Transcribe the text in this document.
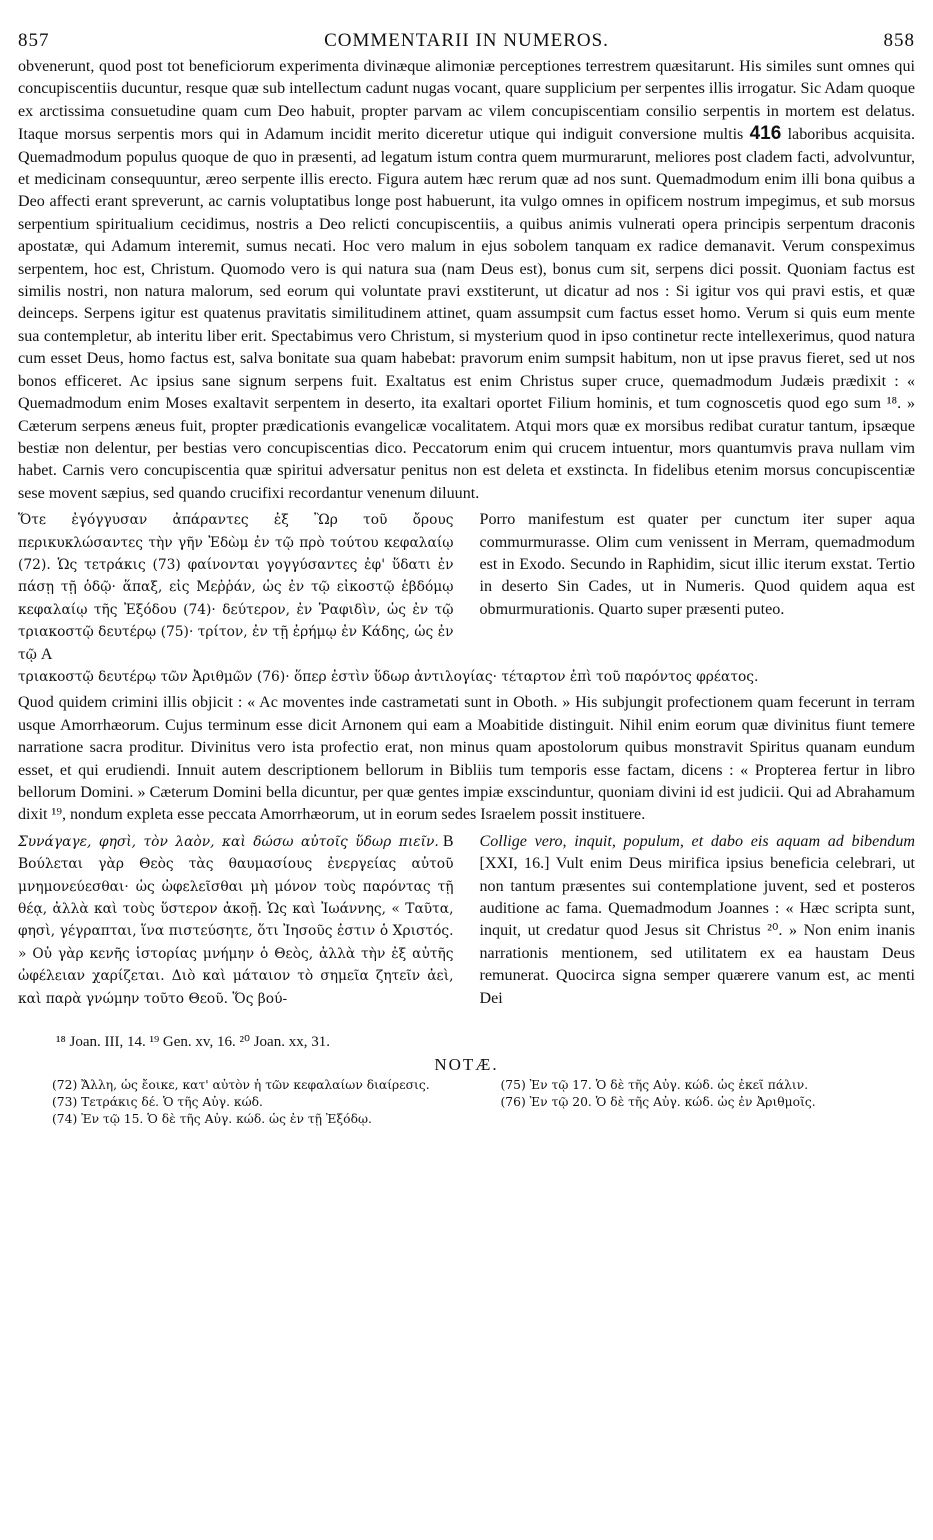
857	COMMENTARII IN NUMEROS.	858

obvenerunt, quod post tot beneficiorum experimenta divinæque alimoniæ perceptiones terrestrem quæsitarunt. His similes sunt omnes qui concupiscentiis ducuntur, resque quæ sub intellectum cadunt nugas vocant, quare supplicium per serpentes illis irrogatur. Sic Adam quoque ex arctissima consuetudine quam cum Deo habuit, propter parvam ac vilem concupiscentiam consilio serpentis in mortem est delatus. Itaque morsus serpentis mors qui in Adamum incidit merito diceretur utique qui indiguit conversione multis 416 laboribus acquisita. Quemadmodum populus quoque de quo in præsenti, ad legatum istum contra quem murmurarunt, meliores post cladem facti, advolvuntur, et medicinam consequuntur, æreo serpente illis erecto. Figura autem hæc rerum quæ ad nos sunt. Quemadmodum enim illi bona quibus a Deo affecti erant spreverunt, ac carnis voluptatibus longe post habuerunt, ita vulgo omnes in opificem nostrum impegimus, et sub morsus serpentium spiritualium cecidimus, nostris a Deo relicti concupiscentiis, a quibus animis vulnerati opera principis serpentum draconis apostatæ, qui Adamum interemit, sumus necati. Hoc vero malum in ejus sobolem tanquam ex radice demanavit. Verum conspeximus serpentem, hoc est, Christum. Quomodo vero is qui natura sua (nam Deus est), bonus cum sit, serpens dici possit. Quoniam factus est similis nostri, non natura malorum, sed eorum qui voluntate pravi exstiterunt, ut dicatur ad nos : Si igitur vos qui pravi estis, et quæ deinceps. Serpens igitur est quatenus pravitatis similitudinem attinet, quam assumpsit cum factus esset homo. Verum si quis eum mente sua contempletur, ab interitu liber erit. Spectabimus vero Christum, si mysterium quod in ipso continetur recte intellexerimus, quod natura cum esset Deus, homo factus est, salva bonitate sua quam habebat: pravorum enim sumpsit habitum, non ut ipse pravus fieret, sed ut nos bonos efficeret. Ac ipsius sane signum serpens fuit. Exaltatus est enim Christus super cruce, quemadmodum Judæis prædixit : « Quemadmodum enim Moses exaltavit serpentem in deserto, ita exaltari oportet Filium hominis, et tum cognoscetis quod ego sum ¹⁸. » Cæterum serpens æneus fuit, propter prædicationis evangelicæ vocalitatem. Atqui mors quæ ex morsibus redibat curatur tantum, ipsæque bestiæ non delentur, per bestias vero concupiscentias dico. Peccatorum enim qui crucem intuentur, mors quantumvis prava nullam vim habet. Carnis vero concupiscentia quæ spiritui adversatur penitus non est deleta et exstincta. In fidelibus etenim morsus concupiscentiæ sese movent sæpius, sed quando crucifixi recordantur venenum diluunt.

Ὅτε ἐγόγγυσαν ἀπάραντες ἐξ Ὢρ τοῦ ὄρους περικυκλώσαντες τὴν γῆν Ἐδὼμ ἐν τῷ πρὸ τούτου κεφαλαίῳ (72). Ὡς τετράκις (73) φαίνονται γογγύσαντες ἐφ' ὕδατι ἐν πάσῃ τῇ ὁδῷ· ἅπαξ, εἰς Μεῤῥάν, ὡς ἐν τῷ εἰκοστῷ ἑβδόμῳ κεφαλαίῳ τῆς Ἐξόδου (74)· δεύτερον, ἐν Ῥαφιδὶν, ὡς ἐν τῷ τριακοστῷ δευτέρῳ (75)· τρίτον, ἐν τῇ ἐρήμῳ ἐν Κάδης, ὡς ἐν τῷ A
Porro manifestum est quater per cunctum iter super aqua commurmurasse. Olim cum venissent in Merram, quemadmodum est in Exodo. Secundo in Raphidim, sicut illic iterum exstat. Tertio in deserto Sin Cades, ut in Numeris. Quod quidem aqua est obmurmurationis. Quarto super præsenti puteo.

τριακοστῷ δευτέρῳ τῶν Ἀριθμῶν (76)· ὅπερ ἐστὶν ὕδωρ ἀντιλογίας· τέταρτον ἐπὶ τοῦ παρόντος φρέατος.

Quod quidem crimini illis objicit : « Ac moventes inde castrametati sunt in Oboth. » His subjungit profectionem quam fecerunt in terram usque Amorrhæorum. Cujus terminum esse dicit Arnonem qui eam a Moabitide distinguit. Nihil enim eorum quæ divinitus fiunt temere narratione sacra proditur. Divinitus vero ista profectio erat, non minus quam apostolorum quibus monstravit Spiritus quanam eundum esset, et qui erudiendi. Innuit autem descriptionem bellorum in Bibliis tum temporis esse factam, dicens : « Propterea fertur in libro bellorum Domini. » Cæterum Domini bella dicuntur, per quæ gentes impiæ exscinduntur, quoniam divini id est judicii. Qui ad Abrahamum dixit ¹⁹, nondum expleta esse peccata Amorrhæorum, ut in eorum sedes Israelem possit instituere.

Συνάγαγε, φησὶ, τὸν λαὸν, καὶ δώσω αὐτοῖς ὕδωρ πιεῖν. B Βούλεται γὰρ Θεὸς τὰς θαυμασίους ἐνεργείας αὐτοῦ μνημονεύεσθαι· ὡς ὠφελεῖσθαι μὴ μόνον τοὺς παρόντας τῇ θέᾳ, ἀλλὰ καὶ τοὺς ὕστερον ἀκοῇ. Ὡς καὶ Ἰωάννης, « Ταῦτα, φησὶ, γέγραπται, ἵνα πιστεύσητε, ὅτι Ἰησοῦς ἐστιν ὁ Χριστός. » Οὐ γὰρ κενῆς ἱστορίας μνήμην ὁ Θεὸς, ἀλλὰ τὴν ἐξ αὐτῆς ὠφέλειαν χαρίζεται. Διὸ καὶ μάταιον τὸ σημεῖα ζητεῖν ἀεὶ, καὶ παρὰ γνώμην τοῦτο Θεοῦ. Ὅς βού-
Collige vero, inquit, populum, et dabo eis aquam ad bibendum [XXI, 16.] Vult enim Deus mirifica ipsius beneficia celebrari, ut non tantum præsentes sui contemplatione juvent, sed et posteros auditione ac fama. Quemadmodum Joannes : « Hæc scripta sunt, inquit, ut credatur quod Jesus sit Christus ²⁰. » Non enim inanis narrationis mentionem, sed utilitatem ex ea haustam Deus remunerat. Quocirca signa semper quærere vanum est, ac menti Dei
¹⁸ Joan. III, 14. ¹⁹ Gen. xv, 16. ²⁰ Joan. xx, 31.
NOTÆ.

(72) Ἄλλη, ὡς ἔοικε, κατ' αὐτὸν ἡ τῶν κεφαλαίων διαίρεσις.

(73) Τετράκις δέ. Ὁ τῆς Αὐγ. κώδ.

(74) Ἐν τῷ 15. Ὁ δὲ τῆς Αὐγ. κώδ. ὡς ἐν τῇ Ἐξόδῳ.

(75) Ἐν τῷ 17. Ὁ δὲ τῆς Αὐγ. κώδ. ὡς ἐκεῖ πάλιν.

(76) Ἐν τῷ 20. Ὁ δὲ τῆς Αὐγ. κώδ. ὡς ἐν Ἀριθμοῖς.
